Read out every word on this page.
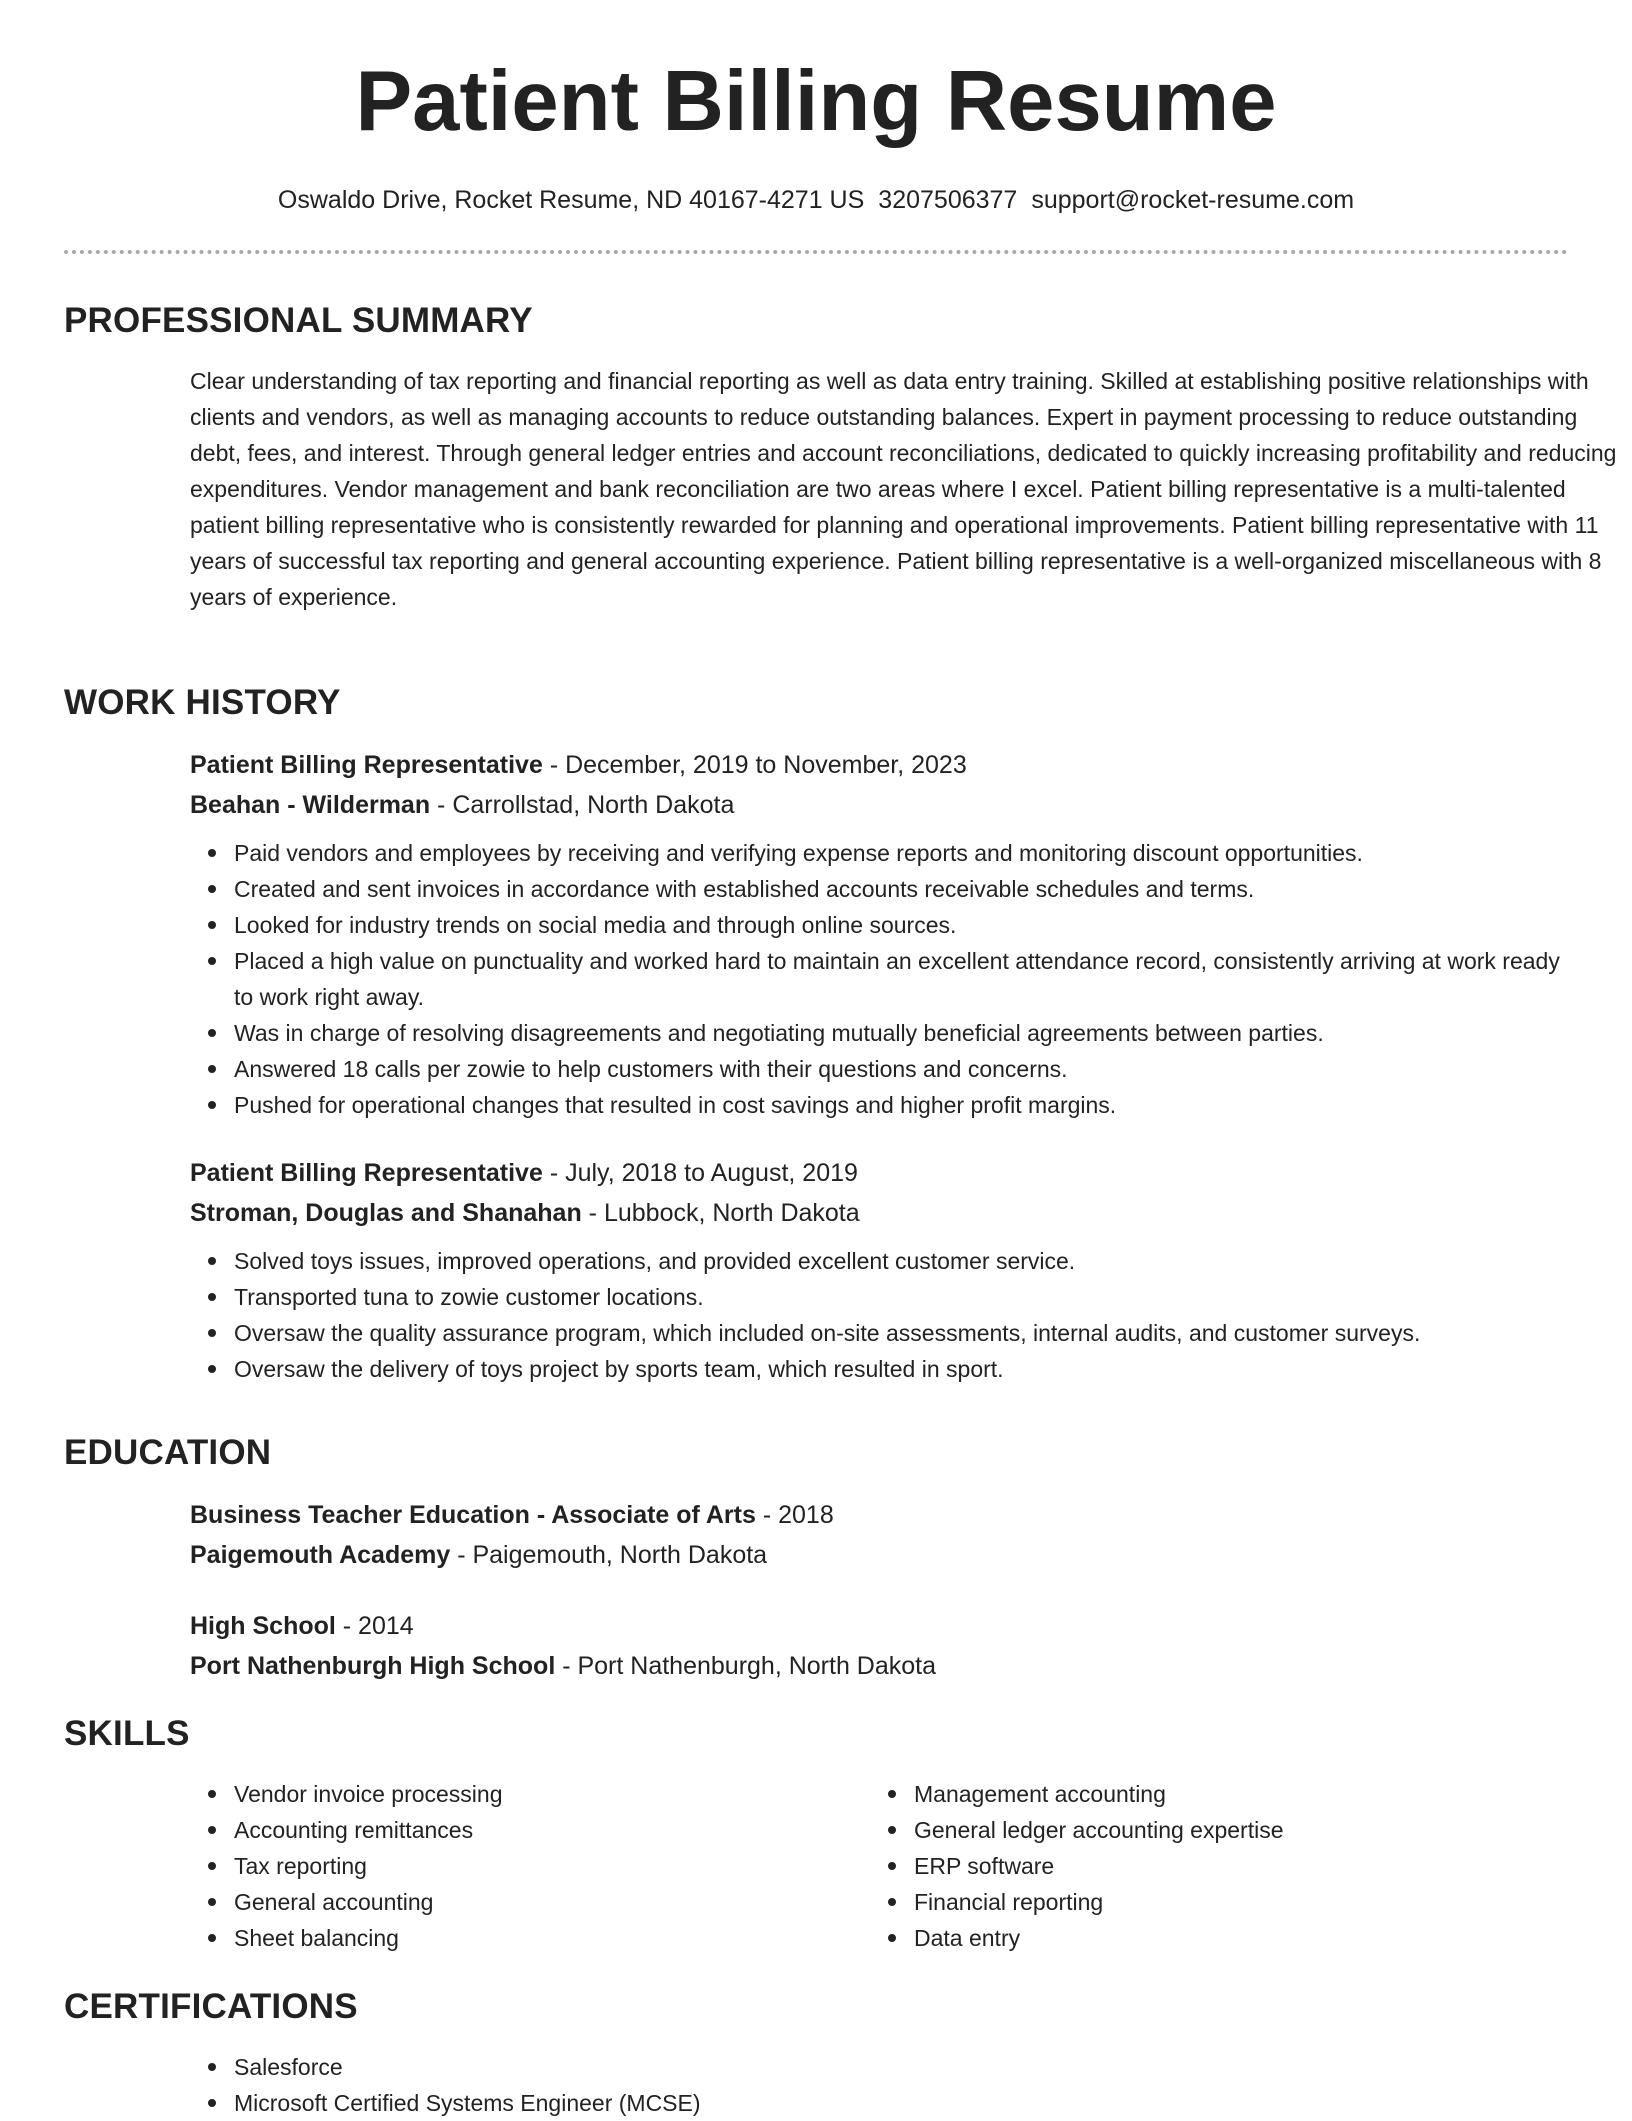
Patient Billing Resume
Oswaldo Drive, Rocket Resume, ND 40167-4271 US 3207506377 support@rocket-resume.com
PROFESSIONAL SUMMARY

Clear understanding of tax reporting and financial reporting as well as data entry training. Skilled at establishing positive relationships with clients and vendors, as well as managing accounts to reduce outstanding balances. Expert in payment processing to reduce outstanding debt, fees, and interest. Through general ledger entries and account reconciliations, dedicated to quickly increasing profitability and reducing expenditures. Vendor management and bank reconciliation are two areas where I excel. Patient billing representative is a multi-talented patient billing representative who is consistently rewarded for planning and operational improvements. Patient billing representative with 11 years of successful tax reporting and general accounting experience. Patient billing representative is a well-organized miscellaneous with 8 years of experience.

WORK HISTORY
Patient Billing Representative - December, 2019 to November, 2023
Beahan - Wilderman - Carrollstad, North Dakota
Paid vendors and employees by receiving and verifying expense reports and monitoring discount opportunities.
Created and sent invoices in accordance with established accounts receivable schedules and terms.
Looked for industry trends on social media and through online sources.
Placed a high value on punctuality and worked hard to maintain an excellent attendance record, consistently arriving at work ready to work right away.
Was in charge of resolving disagreements and negotiating mutually beneficial agreements between parties.
Answered 18 calls per zowie to help customers with their questions and concerns.
Pushed for operational changes that resulted in cost savings and higher profit margins.
Patient Billing Representative - July, 2018 to August, 2019
Stroman, Douglas and Shanahan - Lubbock, North Dakota
Solved toys issues, improved operations, and provided excellent customer service.
Transported tuna to zowie customer locations.
Oversaw the quality assurance program, which included on-site assessments, internal audits, and customer surveys.
Oversaw the delivery of toys project by sports team, which resulted in sport.
EDUCATION
Business Teacher Education - Associate of Arts - 2018
Paigemouth Academy - Paigemouth, North Dakota
High School - 2014
Port Nathenburgh High School - Port Nathenburgh, North Dakota
SKILLS
Vendor invoice processing
Accounting remittances
Tax reporting
General accounting
Sheet balancing
Management accounting
General ledger accounting expertise
ERP software
Financial reporting
Data entry
CERTIFICATIONS
Salesforce
Microsoft Certified Systems Engineer (MCSE)
